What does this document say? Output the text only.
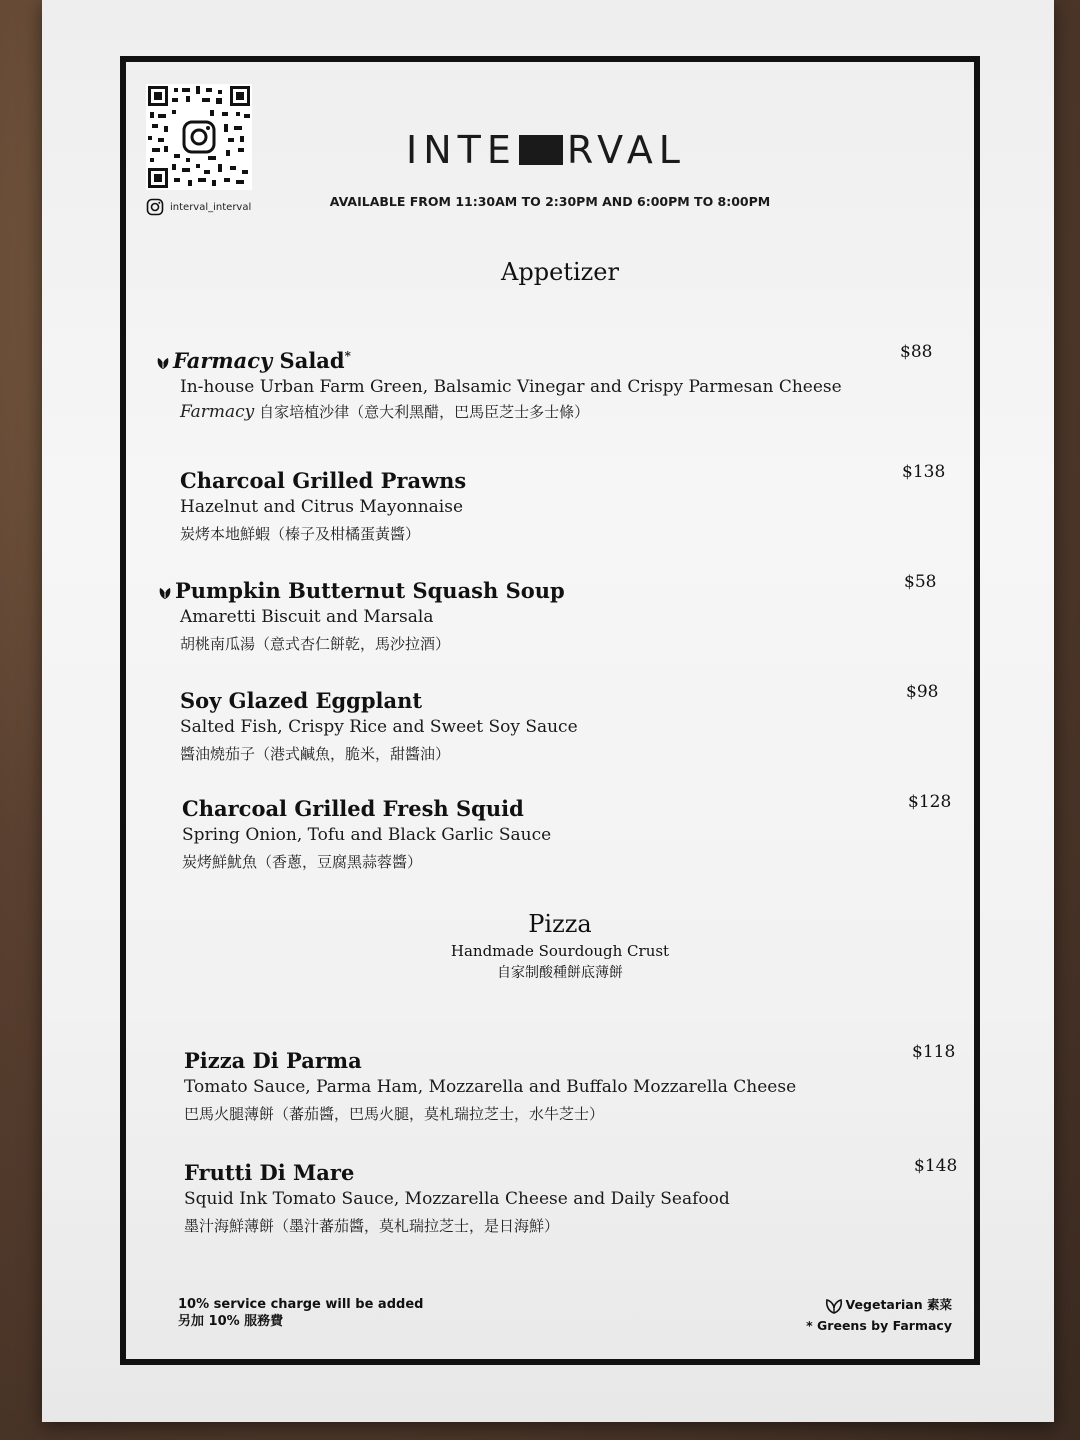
interval_interval
INTE RVAL
AVAILABLE FROM 11:30AM TO 2:30PM AND 6:00PM TO 8:00PM
Appetizer
Farmacy Salad*
In-house Urban Farm Green, Balsamic Vinegar and Crispy Parmesan Cheese
Farmacy 自家培植沙律（意大利黑醋，巴馬臣芝士多士條）
$88
Charcoal Grilled Prawns
Hazelnut and Citrus Mayonnaise
炭烤本地鮮蝦（榛子及柑橘蛋黃醬）
$138
Pumpkin Butternut Squash Soup
Amaretti Biscuit and Marsala
胡桃南瓜湯（意式杏仁餅乾，馬沙拉酒）
$58
Soy Glazed Eggplant
Salted Fish, Crispy Rice and Sweet Soy Sauce
醬油燒茄子（港式鹹魚，脆米，甜醬油）
$98
Charcoal Grilled Fresh Squid
Spring Onion, Tofu and Black Garlic Sauce
炭烤鮮魷魚（香蔥，豆腐黑蒜蓉醬）
$128
Pizza
Handmade Sourdough Crust
自家制酸種餅底薄餅
Pizza Di Parma
Tomato Sauce, Parma Ham, Mozzarella and Buffalo Mozzarella Cheese
巴馬火腿薄餅（蕃茄醬，巴馬火腿，莫札瑞拉芝士，水牛芝士）
$118
Frutti Di Mare
Squid Ink Tomato Sauce, Mozzarella Cheese and Daily Seafood
墨汁海鮮薄餅（墨汁蕃茄醬，莫札瑞拉芝士，是日海鮮）
$148
10% service charge will be added
另加 10% 服務費
Vegetarian 素菜
* Greens by Farmacy
